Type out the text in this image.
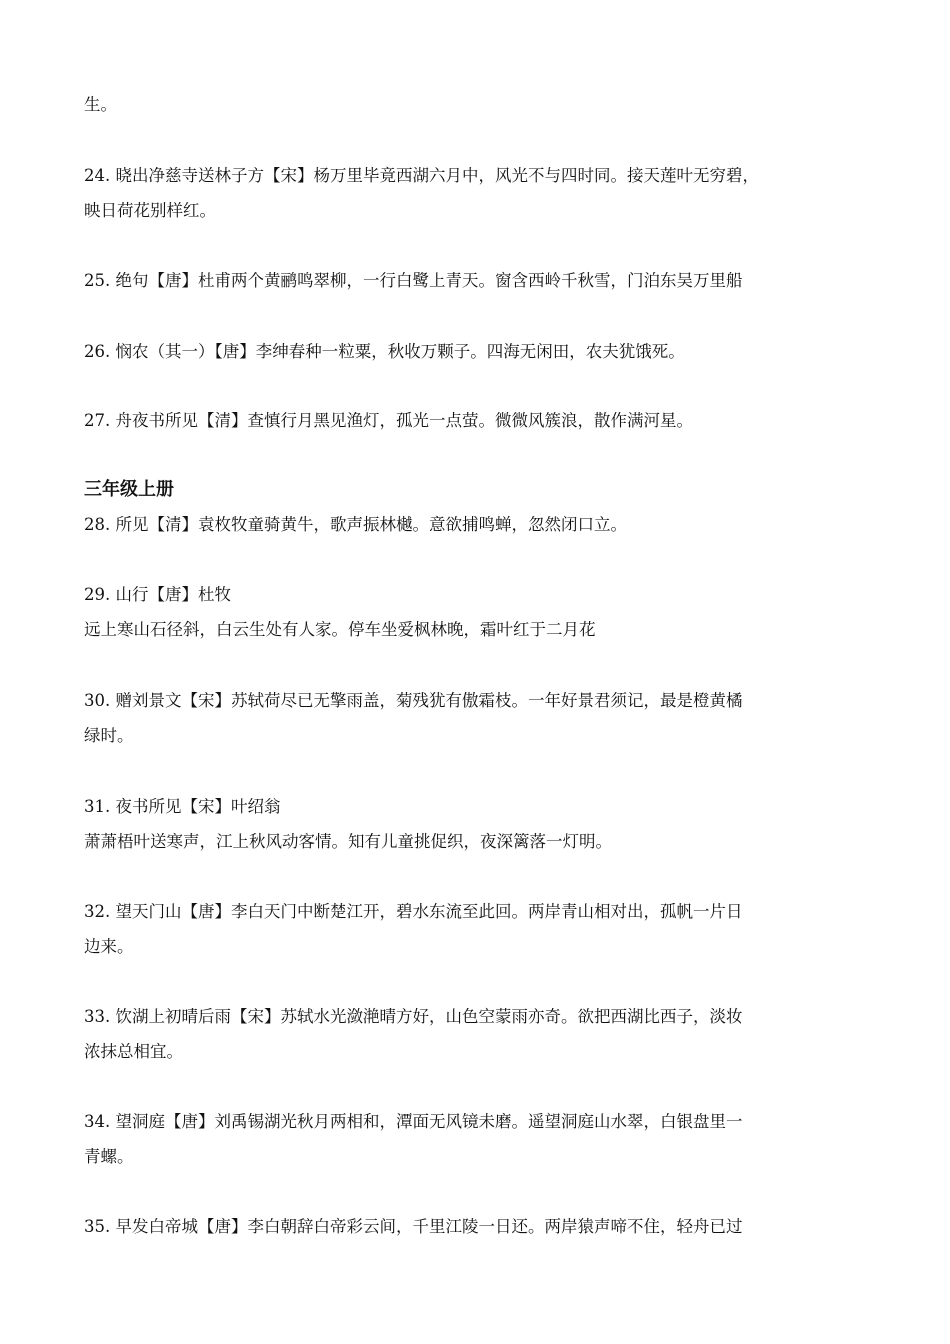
生。
24. 晓出净慈寺送林子方【宋】杨万里毕竟西湖六月中，风光不与四时同。接天莲叶无穷碧，
映日荷花别样红。
25. 绝句【唐】杜甫两个黄鹂鸣翠柳，一行白鹭上青天。窗含西岭千秋雪，门泊东吴万里船
26. 悯农（其一）【唐】李绅春种一粒粟，秋收万颗子。四海无闲田，农夫犹饿死。
27. 舟夜书所见【清】查慎行月黑见渔灯，孤光一点萤。微微风簇浪，散作满河星。
三年级上册
28. 所见【清】袁枚牧童骑黄牛，歌声振林樾。意欲捕鸣蝉，忽然闭口立。
29. 山行【唐】杜牧
远上寒山石径斜，白云生处有人家。停车坐爱枫林晚，霜叶红于二月花
30. 赠刘景文【宋】苏轼荷尽已无擎雨盖，菊残犹有傲霜枝。一年好景君须记，最是橙黄橘
绿时。
31. 夜书所见【宋】叶绍翁
萧萧梧叶送寒声，江上秋风动客情。知有儿童挑促织，夜深篱落一灯明。
32. 望天门山【唐】李白天门中断楚江开，碧水东流至此回。两岸青山相对出，孤帆一片日
边来。
33. 饮湖上初晴后雨【宋】苏轼水光潋滟晴方好，山色空蒙雨亦奇。欲把西湖比西子，淡妆
浓抹总相宜。
34. 望洞庭【唐】刘禹锡湖光秋月两相和，潭面无风镜未磨。遥望洞庭山水翠，白银盘里一
青螺。
35. 早发白帝城【唐】李白朝辞白帝彩云间，千里江陵一日还。两岸猿声啼不住，轻舟已过
